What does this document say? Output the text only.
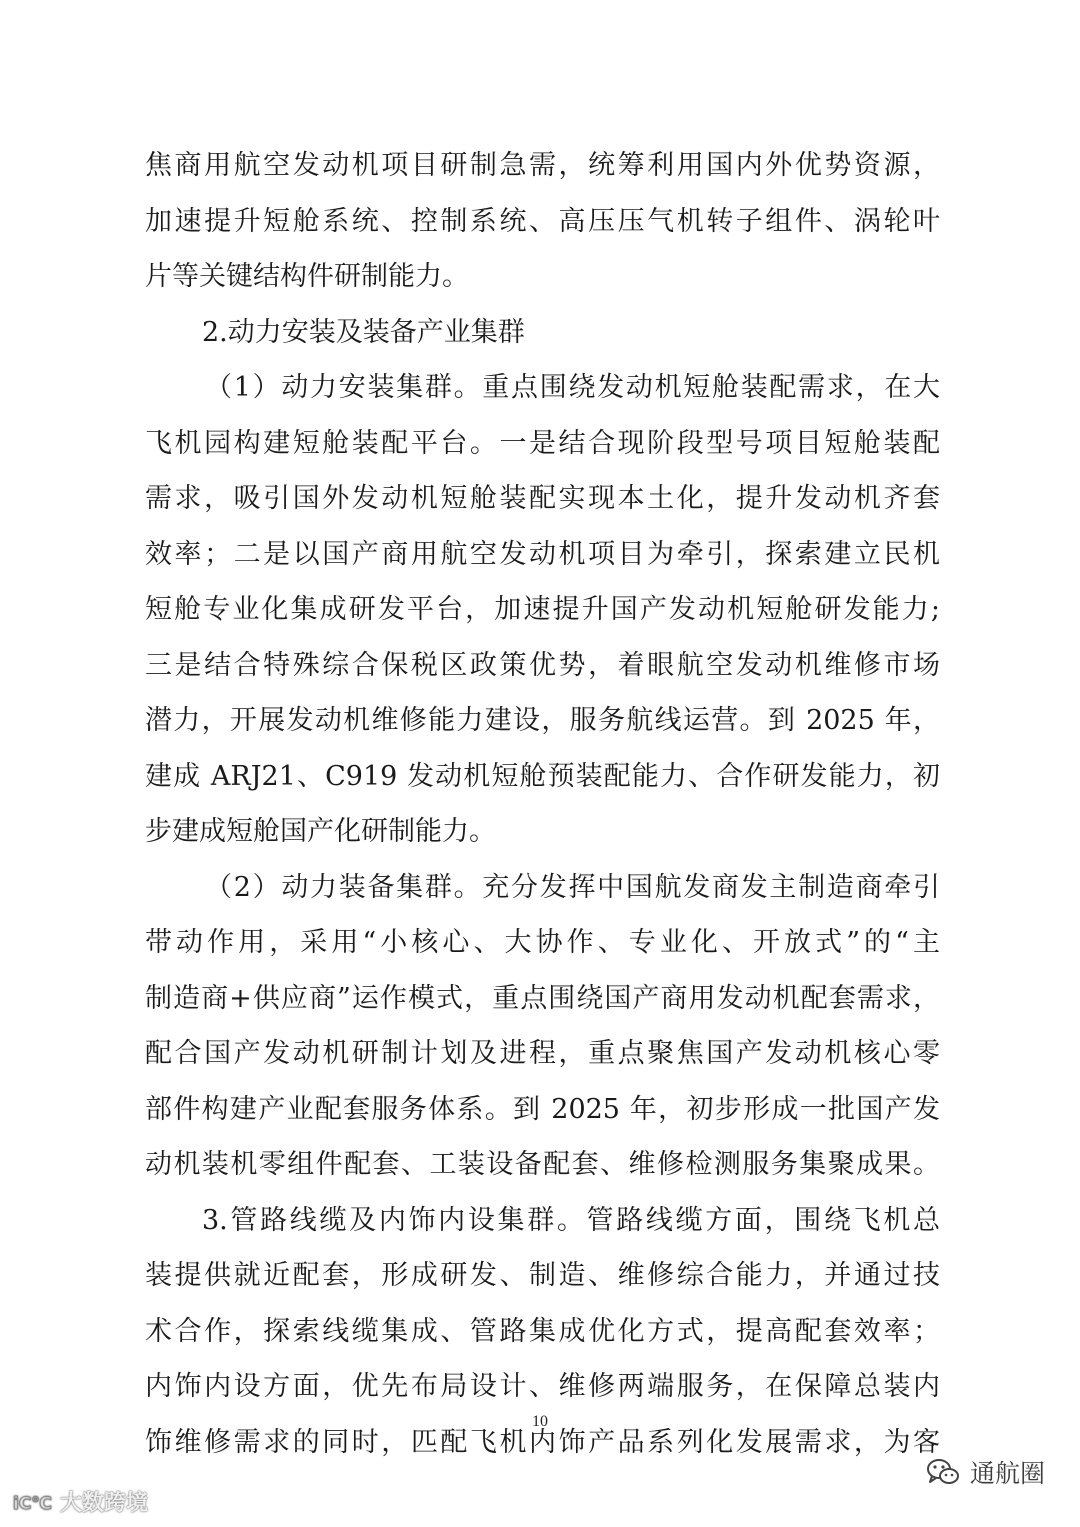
焦商用航空发动机项目研制急需，统筹利用国内外优势资源，
加速提升短舱系统、控制系统、高压压气机转子组件、涡轮叶
片等关键结构件研制能力。
2.动力安装及装备产业集群
（1）动力安装集群。重点围绕发动机短舱装配需求，在大
飞机园构建短舱装配平台。一是结合现阶段型号项目短舱装配
需求，吸引国外发动机短舱装配实现本土化，提升发动机齐套
效率；二是以国产商用航空发动机项目为牵引，探索建立民机
短舱专业化集成研发平台，加速提升国产发动机短舱研发能力;
三是结合特殊综合保税区政策优势，着眼航空发动机维修市场
潜力，开展发动机维修能力建设，服务航线运营。到 2025 年，
建成 ARJ21、C919 发动机短舱预装配能力、合作研发能力，初
步建成短舱国产化研制能力。
（2）动力装备集群。充分发挥中国航发商发主制造商牵引
带动作用，采用“小核心、大协作、专业化、开放式”的“主
制造商+供应商”运作模式，重点围绕国产商用发动机配套需求，
配合国产发动机研制计划及进程，重点聚焦国产发动机核心零
部件构建产业配套服务体系。到 2025 年，初步形成一批国产发
动机装机零组件配套、工装设备配套、维修检测服务集聚成果。
3.管路线缆及内饰内设集群。管路线缆方面，围绕飞机总
装提供就近配套，形成研发、制造、维修综合能力，并通过技
术合作，探索线缆集成、管路集成优化方式，提高配套效率；
内饰内设方面，优先布局设计、维修两端服务，在保障总装内
饰维修需求的同时，匹配飞机内饰产品系列化发展需求，为客
10
iC℃ 大数跨境
通航圈
